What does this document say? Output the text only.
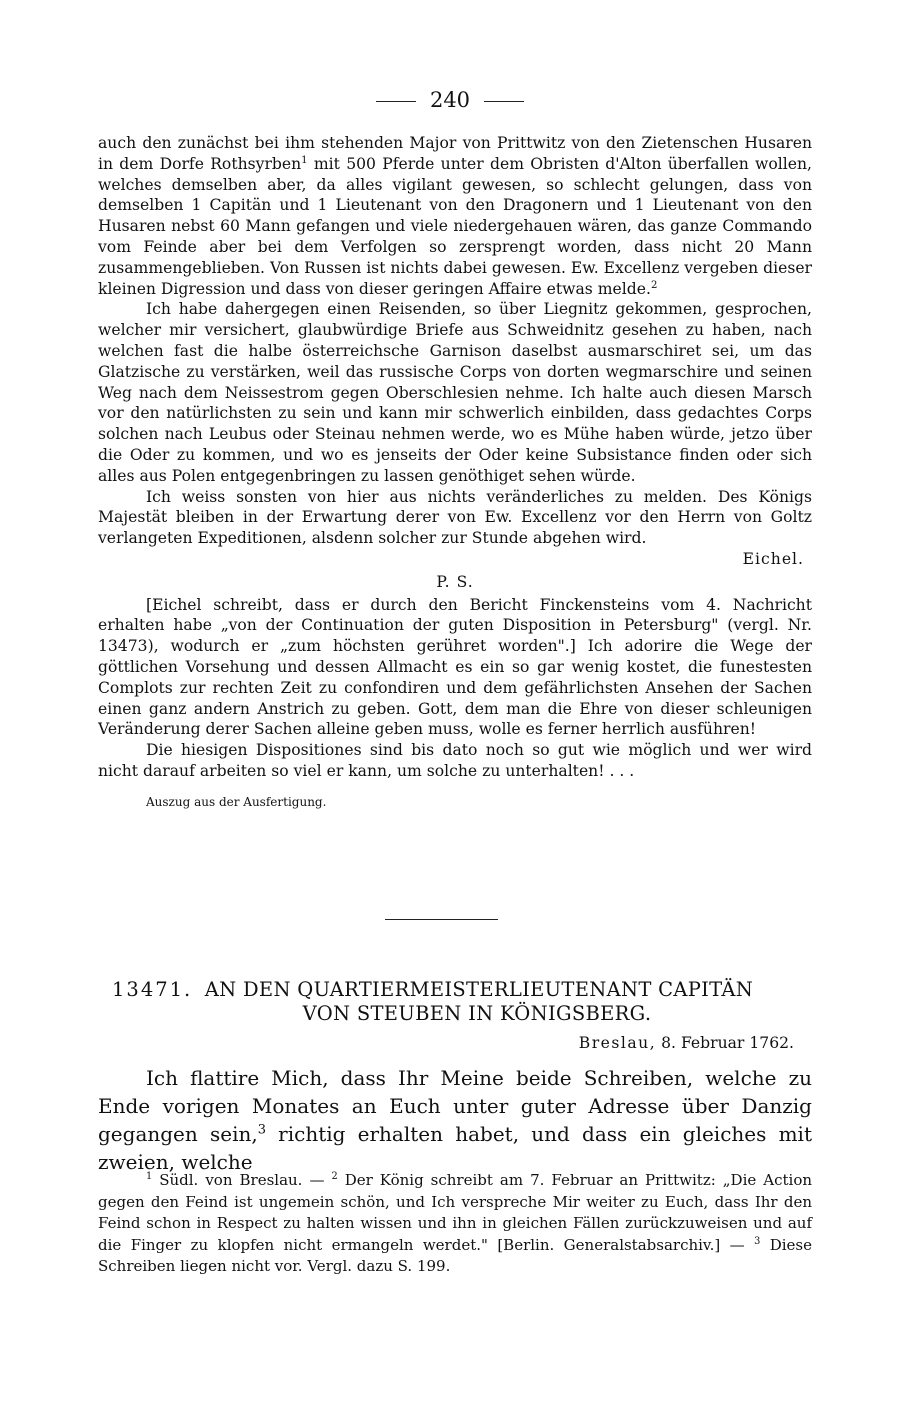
240

auch den zunächst bei ihm stehenden Major von Prittwitz von den Zietenschen Husaren in dem Dorfe Rothsyrben$^1$ mit 500 Pferde unter dem Obristen d'Alton überfallen wollen, welches demselben aber, da alles vigilant gewesen, so schlecht gelungen, dass von demselben 1 Capitän und 1 Lieutenant von den Dragonern und 1 Lieutenant von den Husaren nebst 60 Mann gefangen und viele niedergehauen wären, das ganze Commando vom Feinde aber bei dem Verfolgen so zersprengt worden, dass nicht 20 Mann zusammengeblieben. Von Russen ist nichts dabei gewesen. Ew. Excellenz vergeben dieser kleinen Digression und dass von dieser geringen Affaire etwas melde.$^2$

Ich habe dahergegen einen Reisenden, so über Liegnitz gekommen, gesprochen, welcher mir versichert, glaubwürdige Briefe aus Schweidnitz gesehen zu haben, nach welchen fast die halbe österreichsche Garnison daselbst ausmarschiret sei, um das Glatzische zu verstärken, weil das russische Corps von dorten wegmarschire und seinen Weg nach dem Neissestrom gegen Oberschlesien nehme. Ich halte auch diesen Marsch vor den natürlichsten zu sein und kann mir schwerlich einbilden, dass gedachtes Corps solchen nach Leubus oder Steinau nehmen werde, wo es Mühe haben würde, jetzo über die Oder zu kommen, und wo es jenseits der Oder keine Subsistance finden oder sich alles aus Polen entgegenbringen zu lassen genöthiget sehen würde.

Ich weiss sonsten von hier aus nichts veränderliches zu melden. Des Königs Majestät bleiben in der Erwartung derer von Ew. Excellenz vor den Herrn von Goltz verlangeten Expeditionen, alsdenn solcher zur Stunde abgehen wird.

Eichel.

P. S.

[Eichel schreibt, dass er durch den Bericht Finckensteins vom 4. Nachricht erhalten habe „von der Continuation der guten Disposition in Petersburg" (vergl. Nr. 13473), wodurch er „zum höchsten gerühret worden".] Ich adorire die Wege der göttlichen Vorsehung und dessen Allmacht es ein so gar wenig kostet, die funestesten Complots zur rechten Zeit zu confondiren und dem gefährlichsten Ansehen der Sachen einen ganz andern Anstrich zu geben. Gott, dem man die Ehre von dieser schleunigen Veränderung derer Sachen alleine geben muss, wolle es ferner herrlich ausführen!

Die hiesigen Dispositiones sind bis dato noch so gut wie möglich und wer wird nicht darauf arbeiten so viel er kann, um solche zu unterhalten! . . .

Auszug aus der Ausfertigung.

13471. AN DEN QUARTIERMEISTERLIEUTENANT CAPITÄN
VON STEUBEN IN KÖNIGSBERG.
Breslau, 8. Februar 1762.

Ich flattire Mich, dass Ihr Meine beide Schreiben, welche zu Ende vorigen Monates an Euch unter guter Adresse über Danzig gegangen sein,$^3$ richtig erhalten habet, und dass ein gleiches mit zweien, welche

$^1$ Südl. von Breslau. — $^2$ Der König schreibt am 7. Februar an Prittwitz: „Die Action gegen den Feind ist ungemein schön, und Ich verspreche Mir weiter zu Euch, dass Ihr den Feind schon in Respect zu halten wissen und ihn in gleichen Fällen zurückzuweisen und auf die Finger zu klopfen nicht ermangeln werdet." [Berlin. Generalstabsarchiv.] — $^3$ Diese Schreiben liegen nicht vor. Vergl. dazu S. 199.
